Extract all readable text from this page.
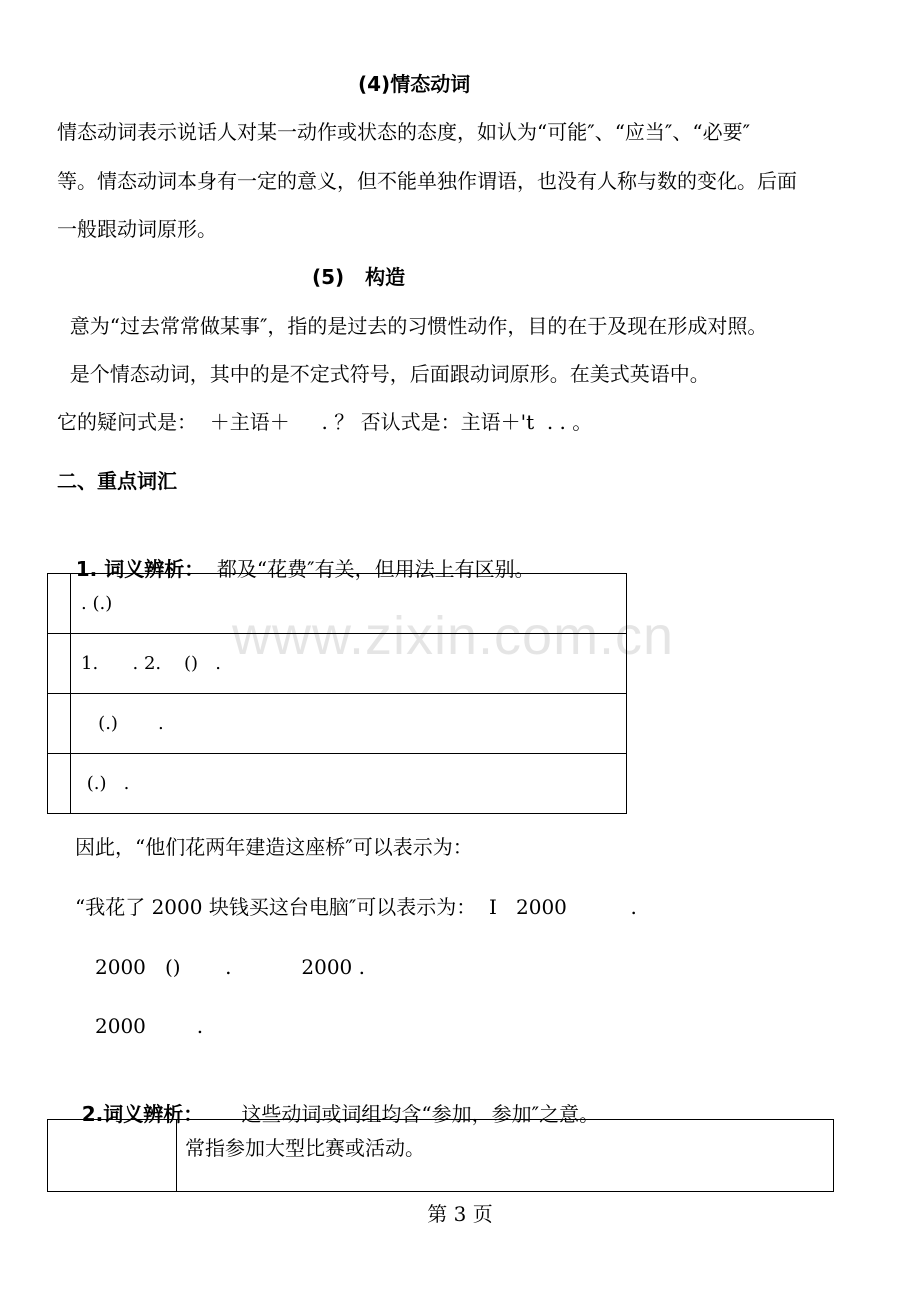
(4)情态动词
情态动词表示说话人对某一动作或状态的态度，如认为“可能″、“应当″、“必要″
等。情态动词本身有一定的意义，但不能单独作谓语，也没有人称与数的变化。后面
一般跟动词原形。
(5)   构造
意为“过去常常做某事″，指的是过去的习惯性动作，目的在于及现在形成对照。
是个情态动词，其中的是不定式符号，后面跟动词原形。在美式英语中。
它的疑问式是：  ＋主语＋     . ？ 否认式是：主语＋'t  . . 。
二、重点词汇

1. 词义辨析：  都及“花费″有关，但用法上有区别。

	. (.)
	1.      . 2.    ()   .
	(.)       .
	(.)   .
www.zixin.com.cn
因此，“他们花两年建造这座桥″可以表示为：
“我花了 2000 块钱买这台电脑″可以表示为：  I   2000          .
2000   ()       .           2000 .
2000        .

2.词义辨析：      这些动词或词组均含“参加，参加″之意。

	常指参加大型比赛或活动。
第 3 页
